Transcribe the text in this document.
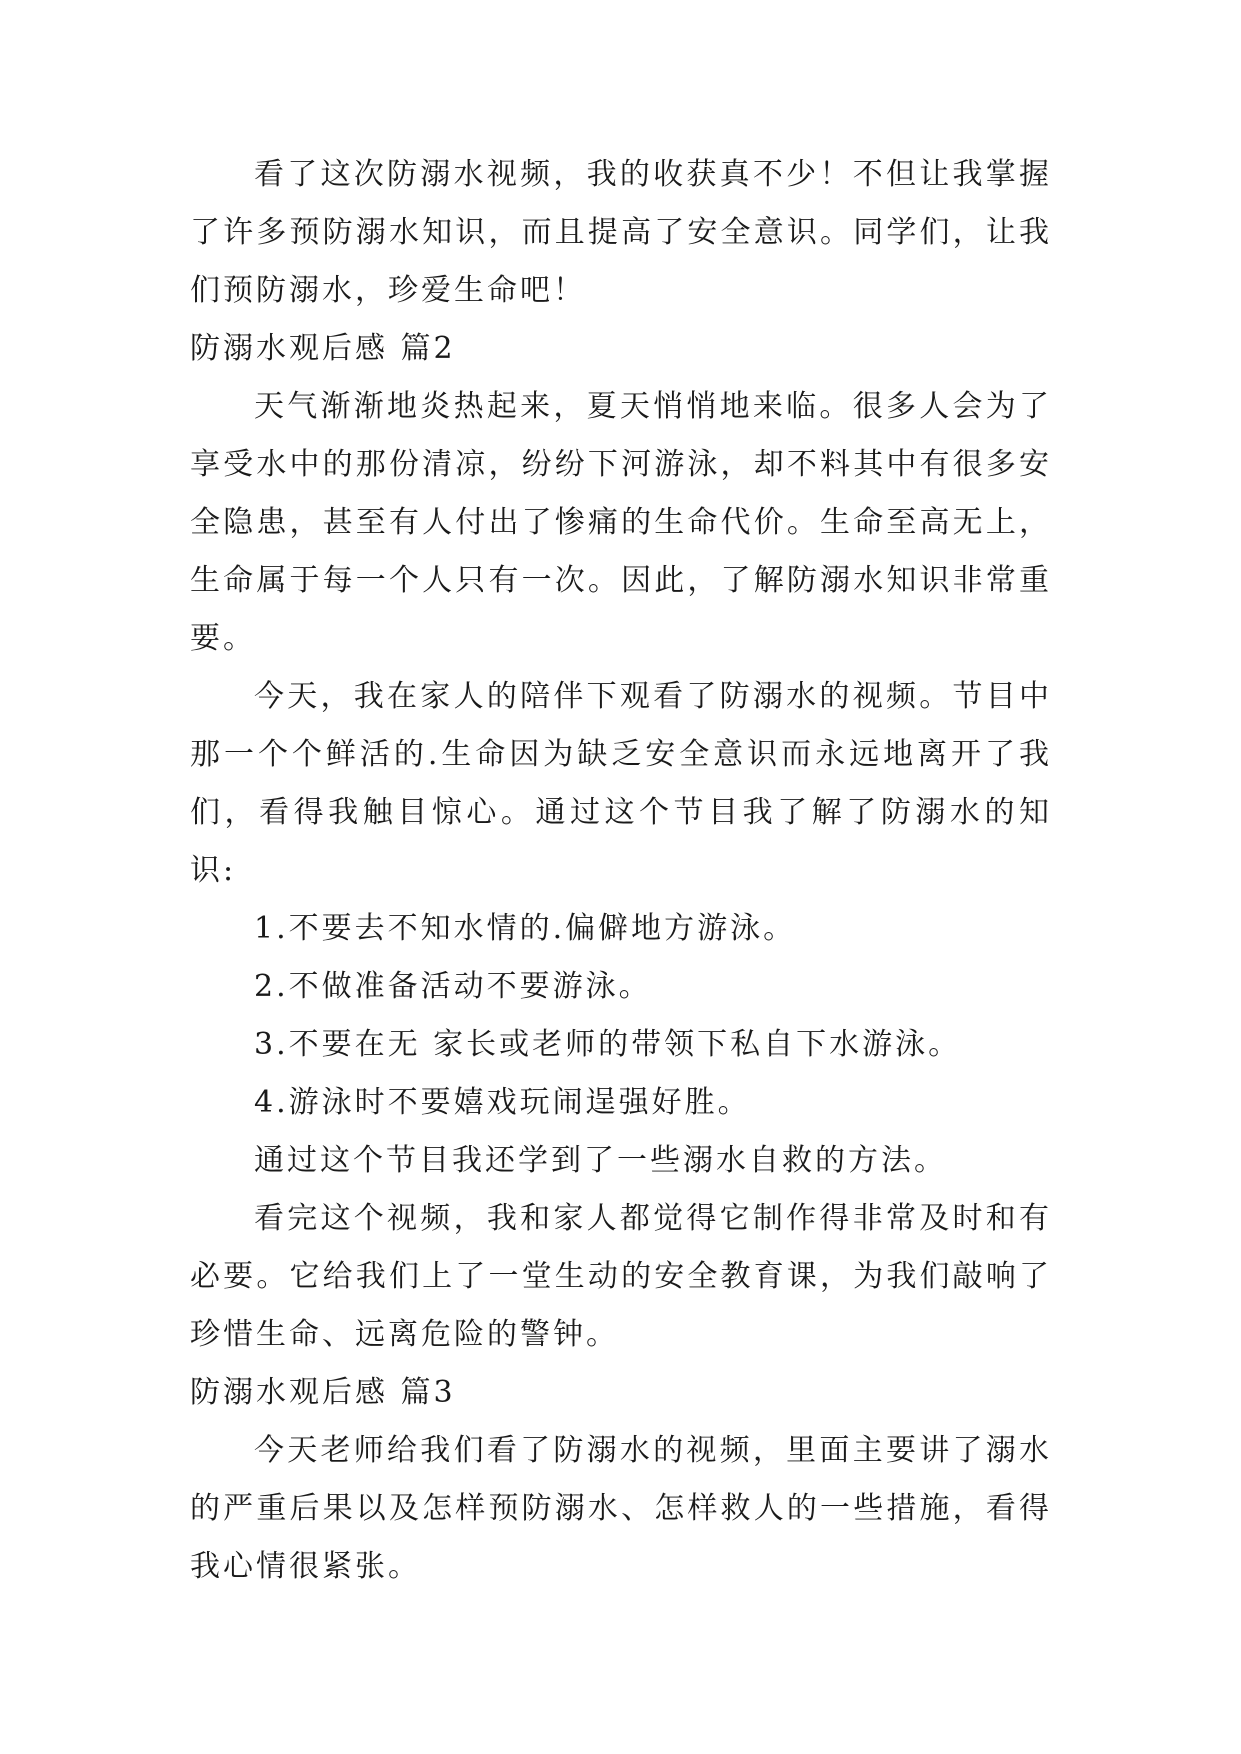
看了这次防溺水视频，我的收获真不少！不但让我掌握了许多预防溺水知识，而且提高了安全意识。同学们，让我们预防溺水，珍爱生命吧！

防溺水观后感 篇2

天气渐渐地炎热起来，夏天悄悄地来临。很多人会为了享受水中的那份清凉，纷纷下河游泳，却不料其中有很多安全隐患，甚至有人付出了惨痛的生命代价。生命至高无上，生命属于每一个人只有一次。因此，了解防溺水知识非常重要。

今天，我在家人的陪伴下观看了防溺水的视频。节目中那一个个鲜活的.生命因为缺乏安全意识而永远地离开了我们，看得我触目惊心。通过这个节目我了解了防溺水的知识:

1.不要去不知水情的.偏僻地方游泳。

2.不做准备活动不要游泳。

3.不要在无 家长或老师的带领下私自下水游泳。

4.游泳时不要嬉戏玩闹逞强好胜。

通过这个节目我还学到了一些溺水自救的方法。

看完这个视频，我和家人都觉得它制作得非常及时和有必要。它给我们上了一堂生动的安全教育课，为我们敲响了珍惜生命、远离危险的警钟。

防溺水观后感 篇3

今天老师给我们看了防溺水的视频，里面主要讲了溺水的严重后果以及怎样预防溺水、怎样救人的一些措施，看得我心情很紧张。
